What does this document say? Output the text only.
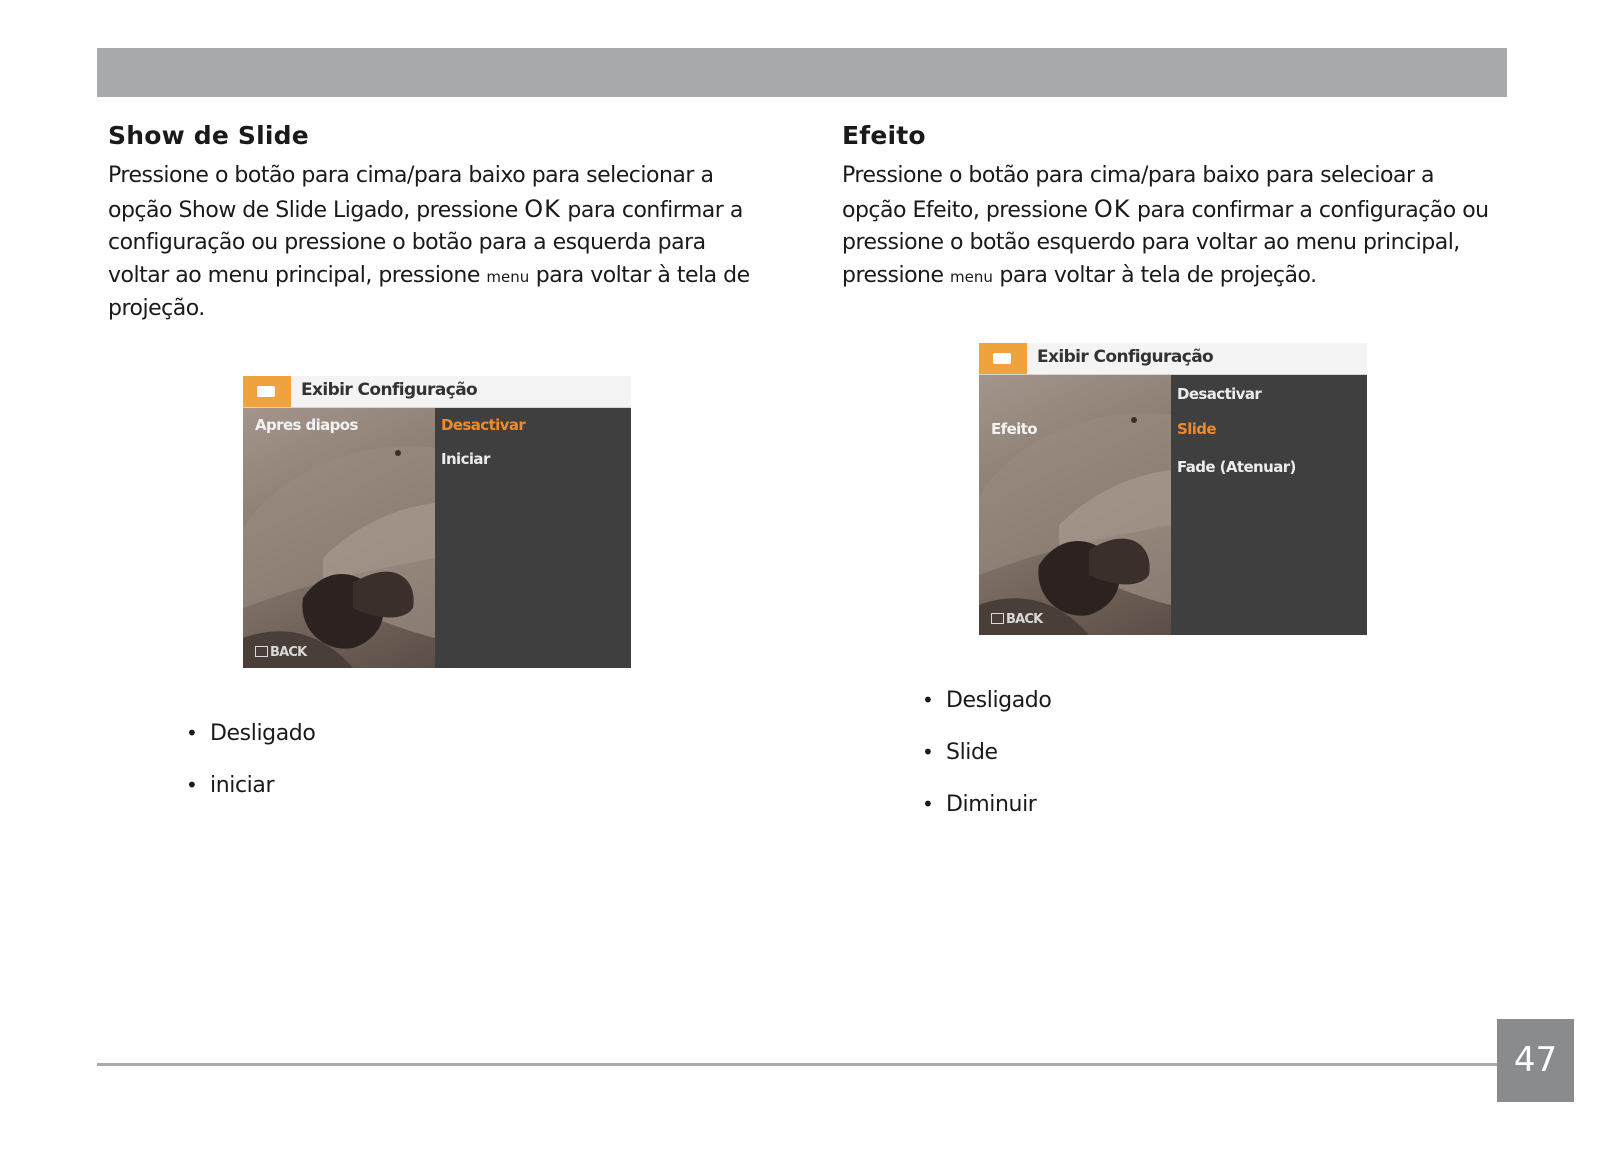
Show de Slide

Pressione o botão para cima/para baixo para selecionar a opção Show de Slide Ligado, pressione OK para confirmar a configuração ou pressione o botão para a esquerda para voltar ao menu principal, pressione menu para voltar à tela de projeção.

Exibir Configuração
Apres diapos
BACK
Desactivar
Iniciar
• Desligado
• iniciar
Efeito

Pressione o botão para cima/para baixo para selecioar a opção Efeito, pressione OK para confirmar a configuração ou pressione o botão esquerdo para voltar ao menu principal, pressione menu para voltar à tela de projeção.

Exibir Configuração
Efeito
BACK
Desactivar
Slide
Fade (Atenuar)
• Desligado
• Slide
• Diminuir
47
